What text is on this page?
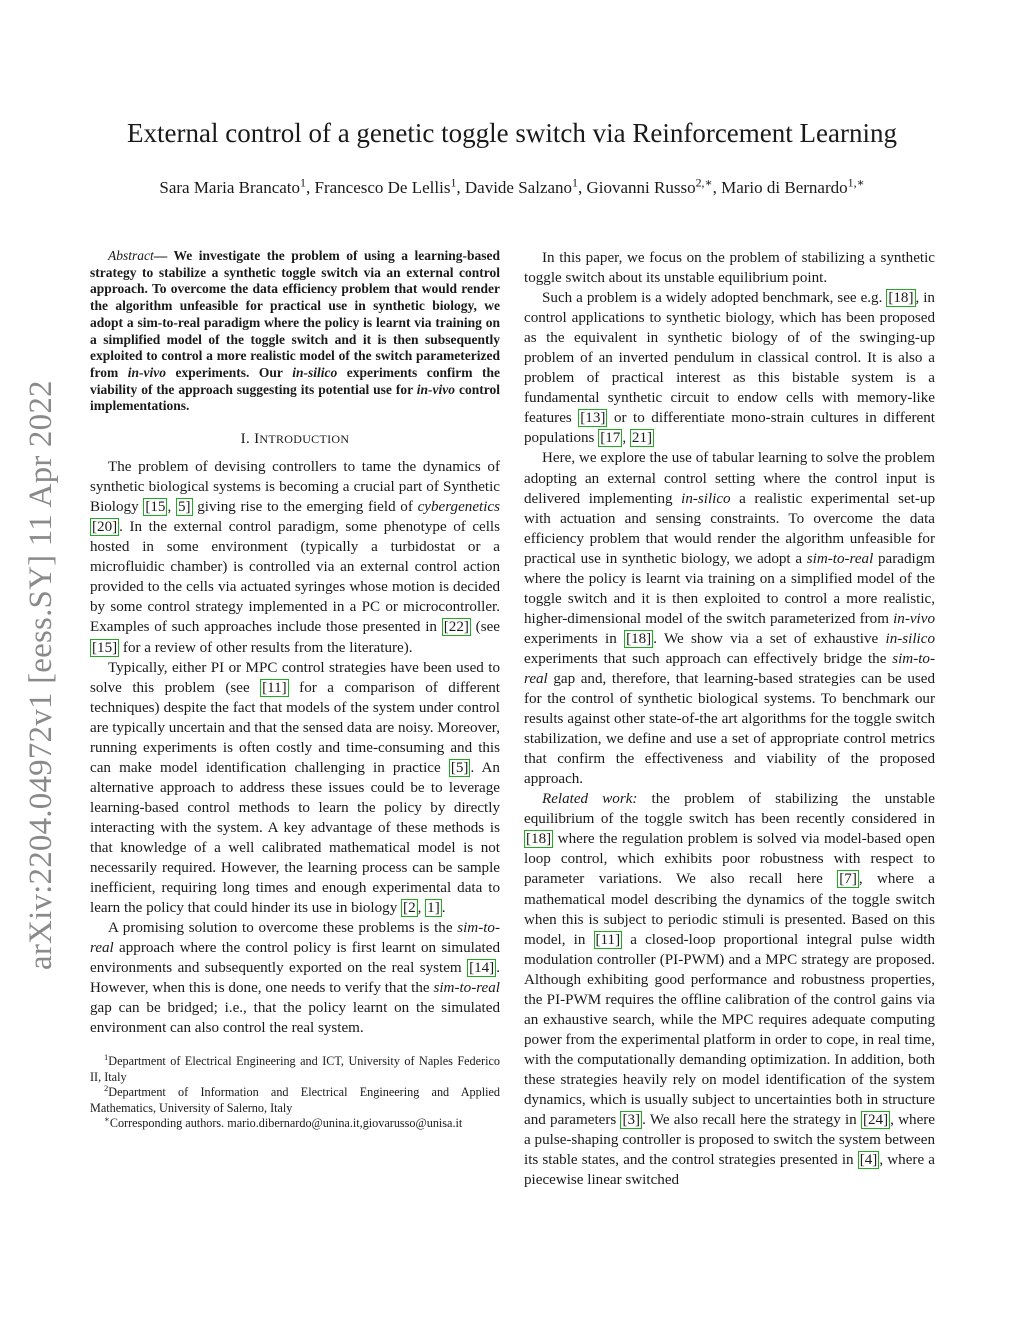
arXiv:2204.04972v1 [eess.SY] 11 Apr 2022
External control of a genetic toggle switch via Reinforcement Learning
Sara Maria Brancato$^1$, Francesco De Lellis$^1$, Davide Salzano$^1$, Giovanni Russo$^{2,∗}$, Mario di Bernardo$^{1,∗}$

Abstract— We investigate the problem of using a learning-based strategy to stabilize a synthetic toggle switch via an external control approach. To overcome the data efficiency problem that would render the algorithm unfeasible for practical use in synthetic biology, we adopt a sim-to-real paradigm where the policy is learnt via training on a simplified model of the toggle switch and it is then subsequently exploited to control a more realistic model of the switch parameterized from in-vivo experiments. Our in-silico experiments confirm the viability of the approach suggesting its potential use for in-vivo control implementations.

I. INTRODUCTION

The problem of devising controllers to tame the dynamics of synthetic biological systems is becoming a crucial part of Synthetic Biology [15 , 5] giving rise to the emerging field of cybergenetics [20] . In the external control paradigm, some phenotype of cells hosted in some environment (typically a turbidostat or a microfluidic chamber) is controlled via an external control action provided to the cells via actuated syringes whose motion is decided by some control strategy implemented in a PC or microcontroller. Examples of such approaches include those presented in [22] (see [15] for a review of other results from the literature).

Typically, either PI or MPC control strategies have been used to solve this problem (see [11] for a comparison of different techniques) despite the fact that models of the system under control are typically uncertain and that the sensed data are noisy. Moreover, running experiments is often costly and time-consuming and this can make model identification challenging in practice [5] . An alternative approach to address these issues could be to leverage learning-based control methods to learn the policy by directly interacting with the system. A key advantage of these methods is that knowledge of a well calibrated mathematical model is not necessarily required. However, the learning process can be sample inefficient, requiring long times and enough experimental data to learn the policy that could hinder its use in biology [2 , 1] .

A promising solution to overcome these problems is the sim-to-real approach where the control policy is first learnt on simulated environments and subsequently exported on the real system [14] . However, when this is done, one needs to verify that the sim-to-real gap can be bridged; i.e., that the policy learnt on the simulated environment can also control the real system.

$^1$Department of Electrical Engineering and ICT, University of Naples Federico II, Italy

$^2$Department of Information and Electrical Engineering and Applied Mathematics, University of Salerno, Italy

∗Corresponding authors. mario.dibernardo@unina.it,giovarusso@unisa.it

In this paper, we focus on the problem of stabilizing a synthetic toggle switch about its unstable equilibrium point.

Such a problem is a widely adopted benchmark, see e.g. [18] , in control applications to synthetic biology, which has been proposed as the equivalent in synthetic biology of of the swinging-up problem of an inverted pendulum in classical control. It is also a problem of practical interest as this bistable system is a fundamental synthetic circuit to endow cells with memory-like features [13] or to differentiate mono-strain cultures in different populations [17 , 21]

Here, we explore the use of tabular learning to solve the problem adopting an external control setting where the control input is delivered implementing in-silico a realistic experimental set-up with actuation and sensing constraints. To overcome the data efficiency problem that would render the algorithm unfeasible for practical use in synthetic biology, we adopt a sim-to-real paradigm where the policy is learnt via training on a simplified model of the toggle switch and it is then exploited to control a more realistic, higher-dimensional model of the switch parameterized from in-vivo experiments in [18] . We show via a set of exhaustive in-silico experiments that such approach can effectively bridge the sim-to-real gap and, therefore, that learning-based strategies can be used for the control of synthetic biological systems. To benchmark our results against other state-of-the art algorithms for the toggle switch stabilization, we define and use a set of appropriate control metrics that confirm the effectiveness and viability of the proposed approach.

Related work: the problem of stabilizing the unstable equilibrium of the toggle switch has been recently considered in [18] where the regulation problem is solved via model-based open loop control, which exhibits poor robustness with respect to parameter variations. We also recall here [7] , where a mathematical model describing the dynamics of the toggle switch when this is subject to periodic stimuli is presented. Based on this model, in [11] a closed-loop proportional integral pulse width modulation controller (PI-PWM) and a MPC strategy are proposed. Although exhibiting good performance and robustness properties, the PI-PWM requires the offline calibration of the control gains via an exhaustive search, while the MPC requires adequate computing power from the experimental platform in order to cope, in real time, with the computationally demanding optimization. In addition, both these strategies heavily rely on model identification of the system dynamics, which is usually subject to uncertainties both in structure and parameters [3] . We also recall here the strategy in [24] , where a pulse-shaping controller is proposed to switch the system between its stable states, and the control strategies presented in [4] , where a piecewise linear switched
